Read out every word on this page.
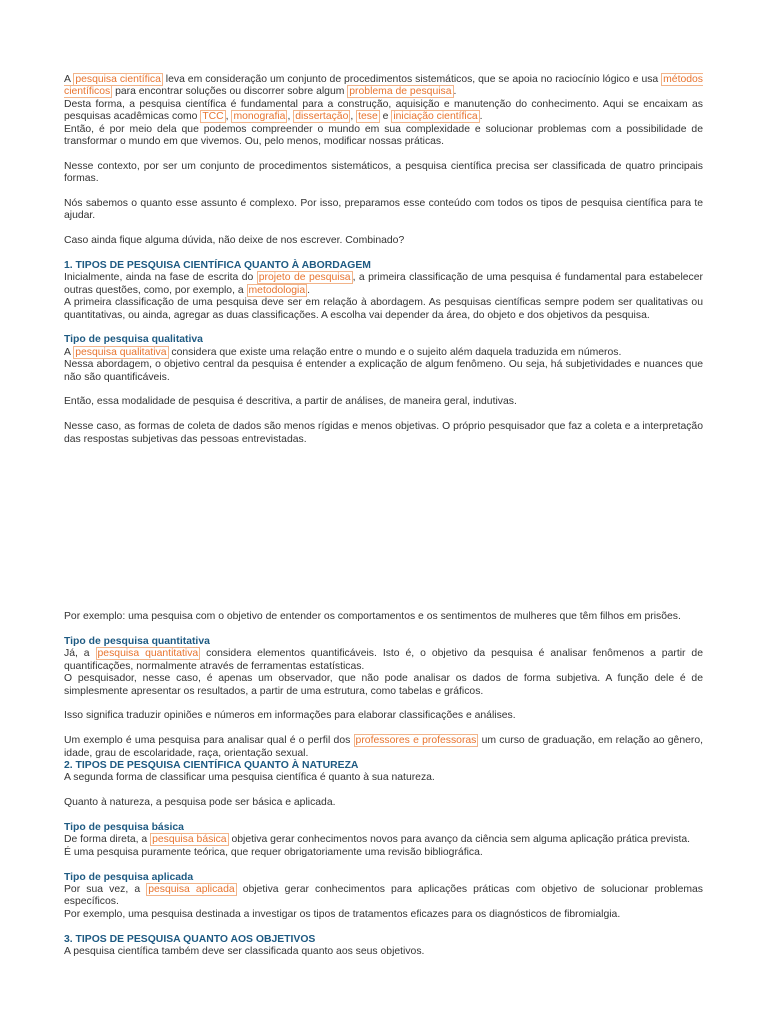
A pesquisa científica leva em consideração um conjunto de procedimentos sistemáticos, que se apoia no raciocínio lógico e usa métodos científicos para encontrar soluções ou discorrer sobre algum problema de pesquisa .

Desta forma, a pesquisa científica é fundamental para a construção, aquisição e manutenção do conhecimento. Aqui se encaixam as pesquisas acadêmicas como TCC , monografia , dissertação , tese e iniciação científica .

Então, é por meio dela que podemos compreender o mundo em sua complexidade e solucionar problemas com a possibilidade de transformar o mundo em que vivemos. Ou, pelo menos, modificar nossas práticas.

Nesse contexto, por ser um conjunto de procedimentos sistemáticos, a pesquisa científica precisa ser classificada de quatro principais formas.

Nós sabemos o quanto esse assunto é complexo. Por isso, preparamos esse conteúdo com todos os tipos de pesquisa científica para te ajudar.

Caso ainda fique alguma dúvida, não deixe de nos escrever. Combinado?

1. TIPOS DE PESQUISA CIENTÍFICA QUANTO À ABORDAGEM

Inicialmente, ainda na fase de escrita do projeto de pesquisa , a primeira classificação de uma pesquisa é fundamental para estabelecer outras questões, como, por exemplo, a metodologia .

A primeira classificação de uma pesquisa deve ser em relação à abordagem. As pesquisas científicas sempre podem ser qualitativas ou quantitativas, ou ainda, agregar as duas classificações. A escolha vai depender da área, do objeto e dos objetivos da pesquisa.

Tipo de pesquisa qualitativa

A pesquisa qualitativa considera que existe uma relação entre o mundo e o sujeito além daquela traduzida em números.

Nessa abordagem, o objetivo central da pesquisa é entender a explicação de algum fenômeno. Ou seja, há subjetividades e nuances que não são quantificáveis.

Então, essa modalidade de pesquisa é descritiva, a partir de análises, de maneira geral, indutivas.

Nesse caso, as formas de coleta de dados são menos rígidas e menos objetivas. O próprio pesquisador que faz a coleta e a interpretação das respostas subjetivas das pessoas entrevistadas.

Por exemplo: uma pesquisa com o objetivo de entender os comportamentos e os sentimentos de mulheres que têm filhos em prisões.

Tipo de pesquisa quantitativa

Já, a pesquisa quantitativa considera elementos quantificáveis. Isto é, o objetivo da pesquisa é analisar fenômenos a partir de quantificações, normalmente através de ferramentas estatísticas.

O pesquisador, nesse caso, é apenas um observador, que não pode analisar os dados de forma subjetiva. A função dele é de simplesmente apresentar os resultados, a partir de uma estrutura, como tabelas e gráficos.

Isso significa traduzir opiniões e números em informações para elaborar classificações e análises.

Um exemplo é uma pesquisa para analisar qual é o perfil dos professores e professoras um curso de graduação, em relação ao gênero, idade, grau de escolaridade, raça, orientação sexual.

2. TIPOS DE PESQUISA CIENTÍFICA QUANTO À NATUREZA

A segunda forma de classificar uma pesquisa científica é quanto à sua natureza.

Quanto à natureza, a pesquisa pode ser básica e aplicada.

Tipo de pesquisa básica

De forma direta, a pesquisa básica objetiva gerar conhecimentos novos para avanço da ciência sem alguma aplicação prática prevista.

É uma pesquisa puramente teórica, que requer obrigatoriamente uma revisão bibliográfica.

Tipo de pesquisa aplicada

Por sua vez, a pesquisa aplicada objetiva gerar conhecimentos para aplicações práticas com objetivo de solucionar problemas específicos.

Por exemplo, uma pesquisa destinada a investigar os tipos de tratamentos eficazes para os diagnósticos de fibromialgia.

3. TIPOS DE PESQUISA QUANTO AOS OBJETIVOS

A pesquisa científica também deve ser classificada quanto aos seus objetivos.
